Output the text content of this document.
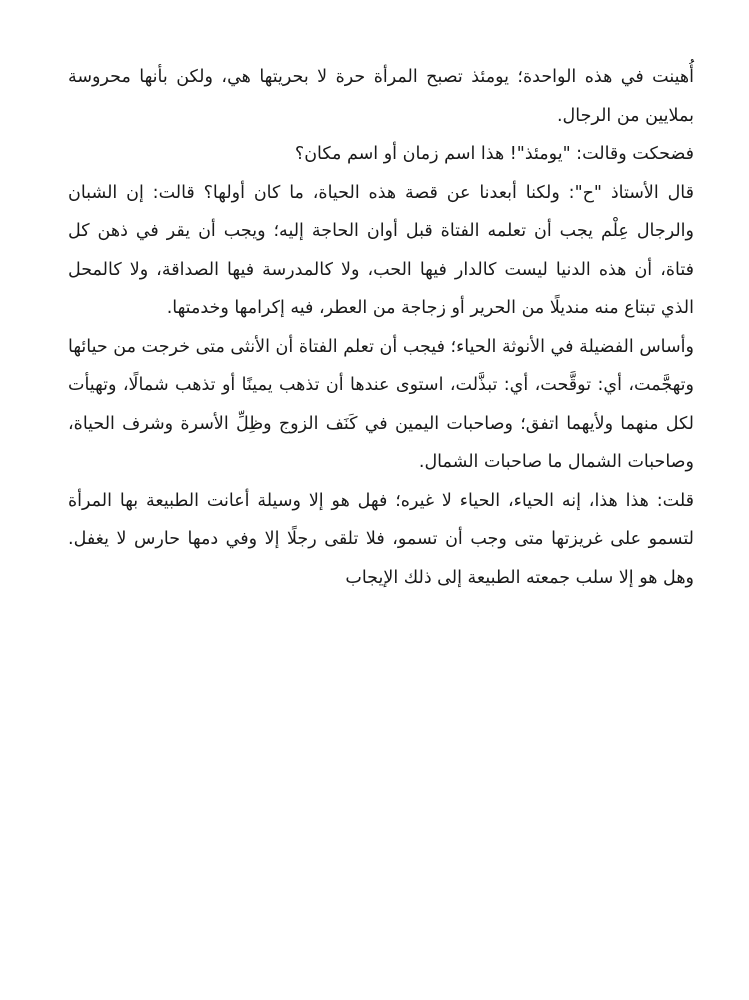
أُهينت في هذه الواحدة؛ يومئذ تصبح المرأة حرة لا بحريتها هي، ولكن بأنها محروسة بملايين من الرجال.

فضحكت وقالت: "يومئذ"! هذا اسم زمان أو اسم مكان؟

قال الأستاذ "ح": ولكنا أبعدنا عن قصة هذه الحياة، ما كان أولها؟ قالت: إن الشبان والرجال عِلْم يجب أن تعلمه الفتاة قبل أوان الحاجة إليه؛ ويجب أن يقر في ذهن كل فتاة، أن هذه الدنيا ليست كالدار فيها الحب، ولا كالمدرسة فيها الصداقة، ولا كالمحل الذي تبتاع منه منديلًا من الحرير أو زجاجة من العطر، فيه إكرامها وخدمتها.

وأساس الفضيلة في الأنوثة الحياء؛ فيجب أن تعلم الفتاة أن الأنثى متى خرجت من حيائها وتهجَّمت، أي: توقَّحت، أي: تبذَّلت، استوى عندها أن تذهب يمينًا أو تذهب شمالًا، وتهيأت لكل منهما ولأيهما اتفق؛ وصاحبات اليمين في كَنَف الزوج وظِلِّ الأسرة وشرف الحياة، وصاحبات الشمال ما صاحبات الشمال.

قلت: هذا هذا، إنه الحياء، الحياء لا غيره؛ فهل هو إلا وسيلة أعانت الطبيعة بها المرأة لتسمو على غريزتها متى وجب أن تسمو، فلا تلقى رجلًا إلا وفي دمها حارس لا يغفل. وهل هو إلا سلب جمعته الطبيعة إلى ذلك الإيجاب
